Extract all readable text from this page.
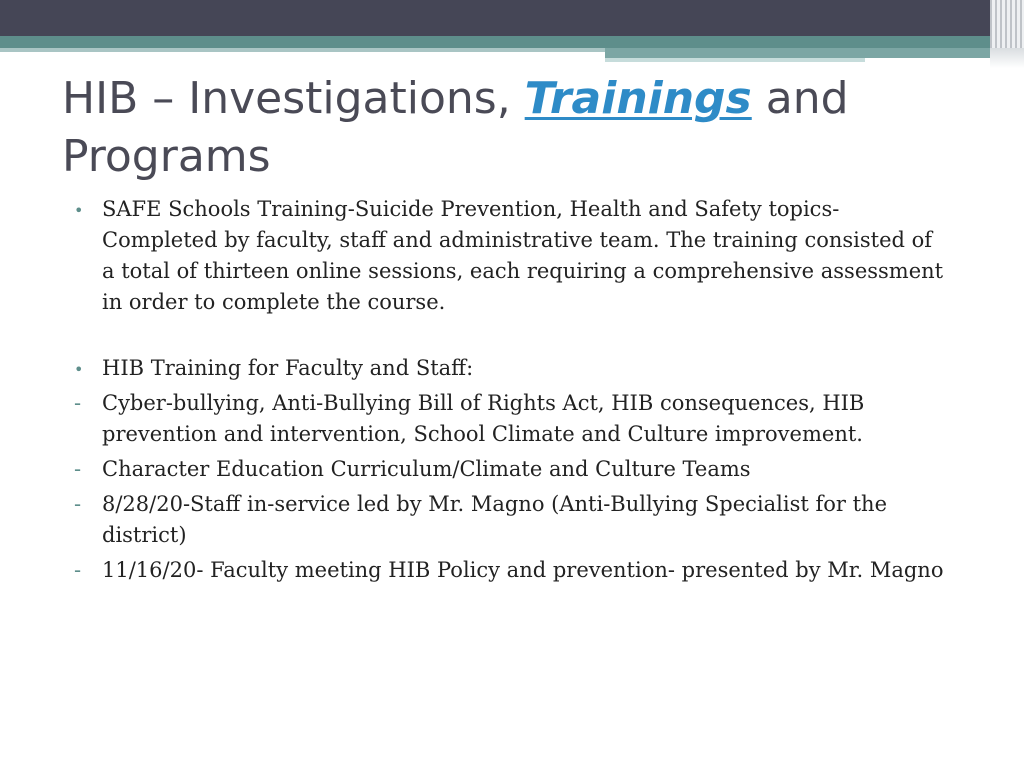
HIB – Investigations, Trainings and Programs
• SAFE Schools Training-Suicide Prevention, Health and Safety topics- Completed by faculty, staff and administrative team. The training consisted of a total of thirteen online sessions, each requiring a comprehensive assessment in order to complete the course.
• HIB Training for Faculty and Staff:
- Cyber-bullying, Anti-Bullying Bill of Rights Act, HIB consequences, HIB prevention and intervention, School Climate and Culture improvement.
- Character Education Curriculum/Climate and Culture Teams
- 8/28/20-Staff in-service led by Mr. Magno (Anti-Bullying Specialist for the district)
- 11/16/20- Faculty meeting HIB Policy and prevention- presented by Mr. Magno
